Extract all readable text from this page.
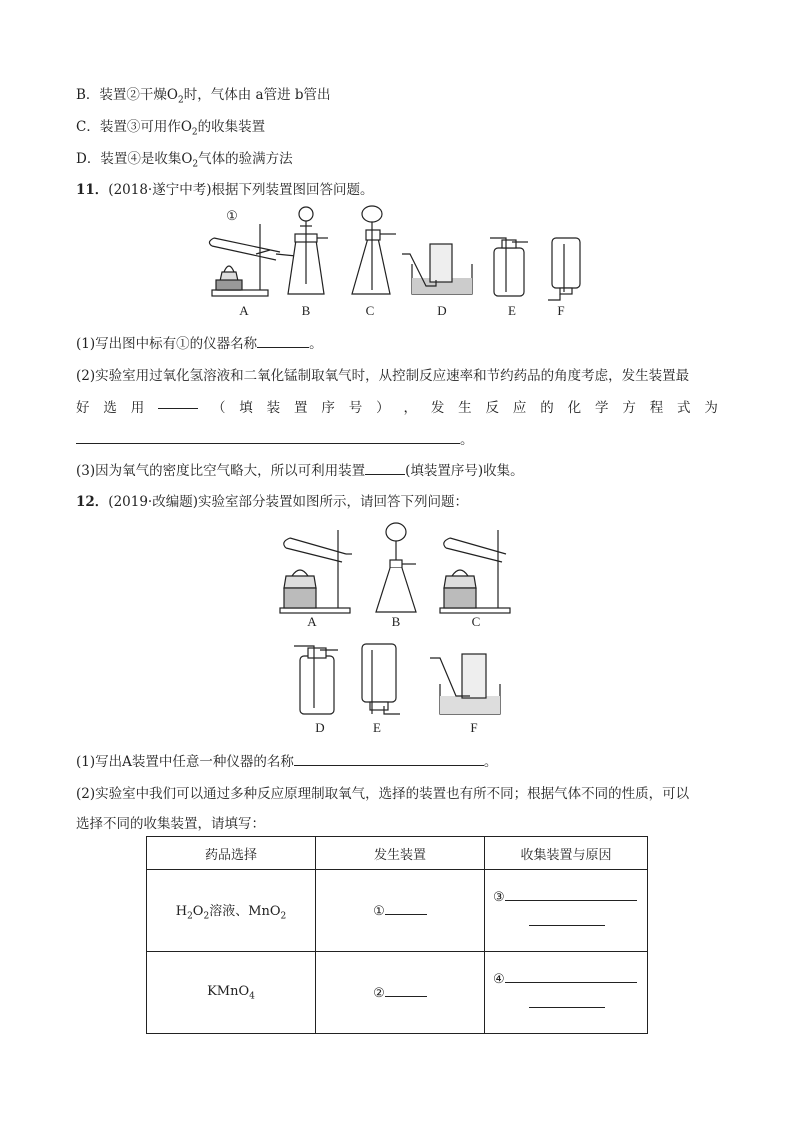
B．装置②干燥$O_2$时，气体由 a管进 b管出
C．装置③可用作$O_2$的收集装置
D．装置④是收集$O_2$气体的验满方法
11．(2018·遂宁中考)根据下列装置图回答问题。
①
A	B	C	D	E	F
(1)写出图中标有①的仪器名称	。
(2)实验室用过氧化氢溶液和二氧化锰制取氧气时，从控制反应速率和节约药品的角度考虑，发生装置最
好 选 用	（ 填 装 置 序 号 ） ， 发 生 反 应 的 化 学 方 程 式 为
。
(3)因为氧气的密度比空气略大，所以可利用装置	(填装置序号)收集。
12．(2019·改编题)实验室部分装置如图所示，请回答下列问题：
A	B	C
D	E	F
(1)写出A装置中任意一种仪器的名称	。
(2)实验室中我们可以通过多种反应原理制取氧气，选择的装置也有所不同；根据气体不同的性质，可以
选择不同的收集装置，请填写：
药品选择	发生装置	收集装置与原因
$H_2O_2$溶液、MnO$_2$	①	③

KMnO$_4$	②	④
